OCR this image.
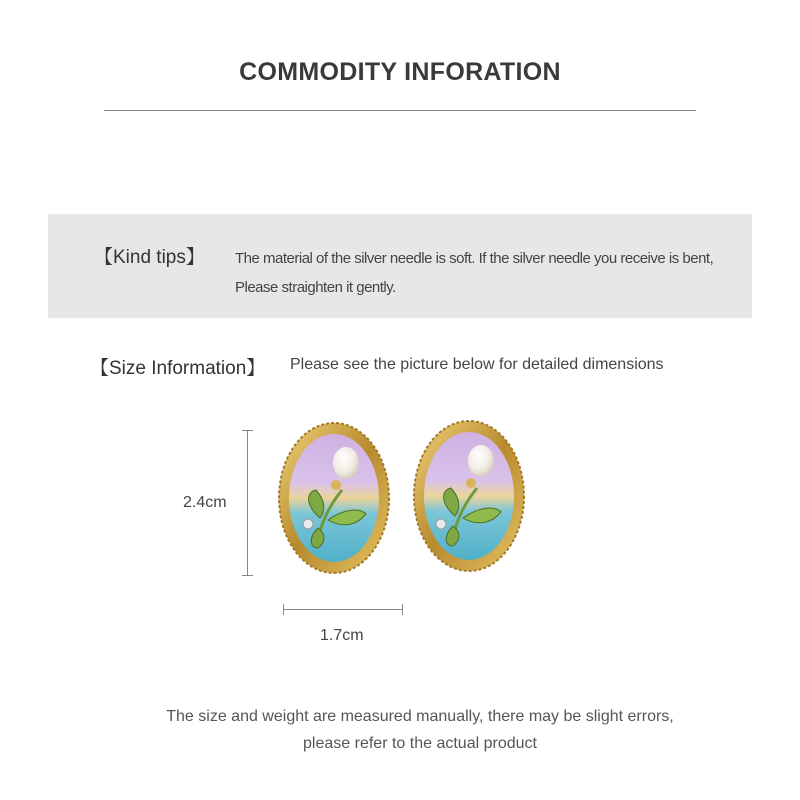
COMMODITY INFORATION
【Kind tips】 The material of the silver needle is soft. If the silver needle you receive is bent,
Please straighten it gently.
【Size Information】 Please see the picture below for detailed dimensions
2.4cm
1.7cm
The size and weight are measured manually, there may be slight errors,
please refer to the actual product
